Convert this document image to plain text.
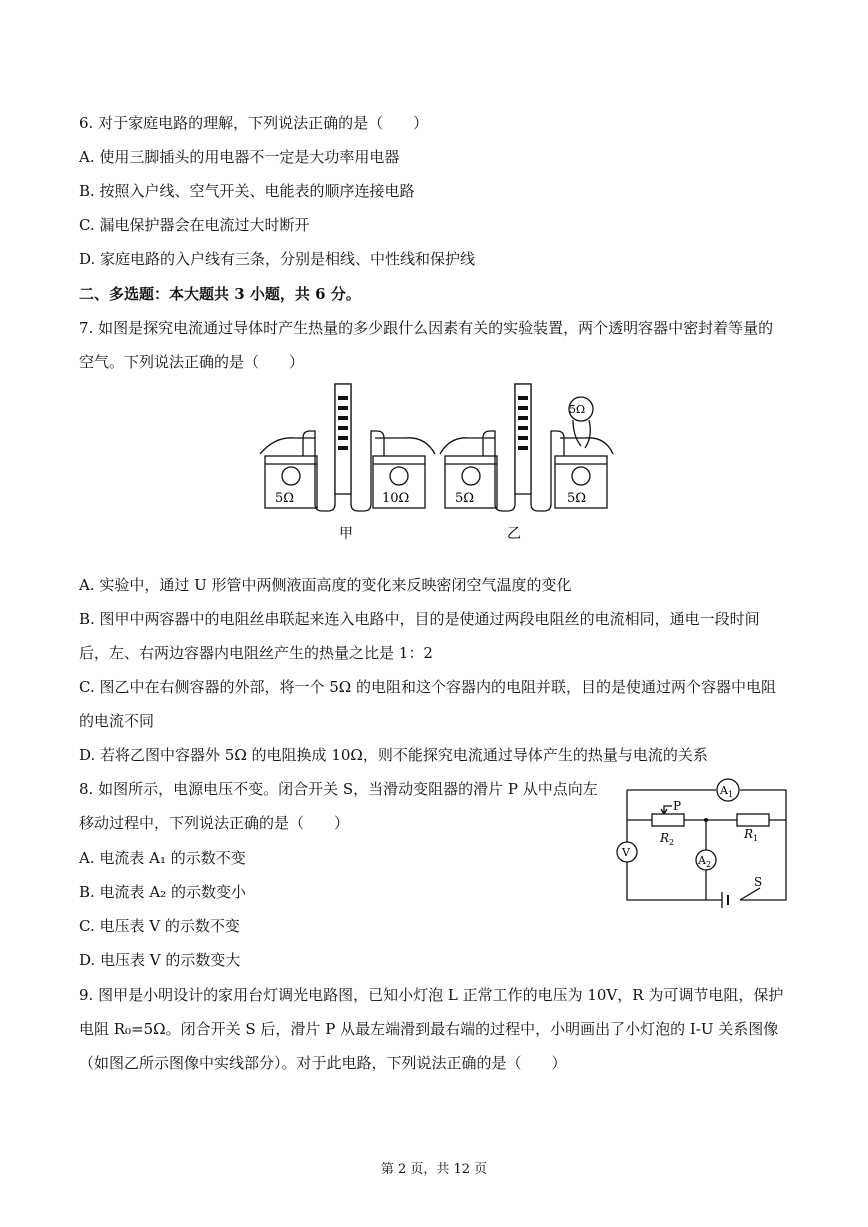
6. 对于家庭电路的理解，下列说法正确的是（　　）
A. 使用三脚插头的用电器不一定是大功率用电器
B. 按照入户线、空气开关、电能表的顺序连接电路
C. 漏电保护器会在电流过大时断开
D. 家庭电路的入户线有三条，分别是相线、中性线和保护线
二、多选题：本大题共 3 小题，共 6 分。
7. 如图是探究电流通过导体时产生热量的多少跟什么因素有关的实验装置，两个透明容器中密封着等量的
空气。下列说法正确的是（　　）
5Ω	10Ω	5Ω	5Ω
5Ω
甲	乙
A. 实验中，通过 U 形管中两侧液面高度的变化来反映密闭空气温度的变化
B. 图甲中两容器中的电阻丝串联起来连入电路中，目的是使通过两段电阻丝的电流相同，通电一段时间
后，左、右两边容器内电阻丝产生的热量之比是 1：2
C. 图乙中在右侧容器的外部，将一个 5Ω 的电阻和这个容器内的电阻并联，目的是使通过两个容器中电阻
的电流不同
D. 若将乙图中容器外 5Ω 的电阻换成 10Ω，则不能探究电流通过导体产生的热量与电流的关系
8. 如图所示，电源电压不变。闭合开关 S，当滑动变阻器的滑片 P 从中点向左
移动过程中，下列说法正确的是（　　）
A. 电流表 A₁ 的示数不变
B. 电流表 A₂ 的示数变小
C. 电压表 V 的示数不变
D. 电压表 V 的示数变大
$A_1$
$A_2$
V
P
$R_2$
$R_1$
S
9. 图甲是小明设计的家用台灯调光电路图，已知小灯泡 L 正常工作的电压为 10V，R 为可调节电阻，保护
电阻 R₀=5Ω。闭合开关 S 后，滑片 P 从最左端滑到最右端的过程中，小明画出了小灯泡的 I-U 关系图像
（如图乙所示图像中实线部分）。对于此电路，下列说法正确的是（　　）
第 2 页，共 12 页
